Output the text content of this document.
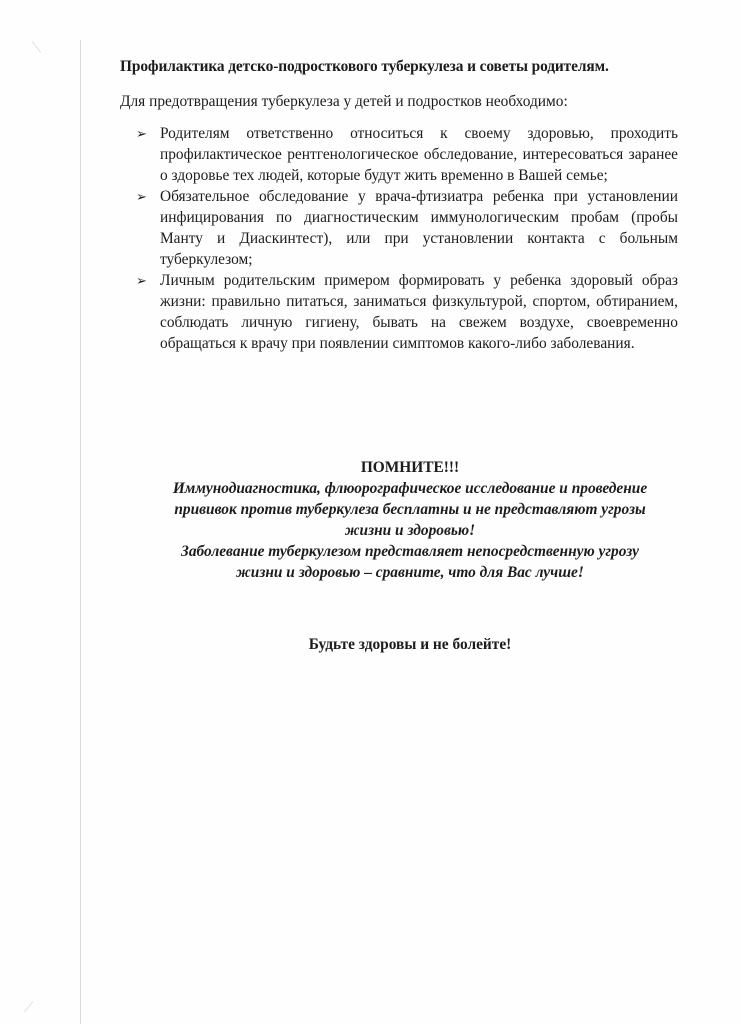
Профилактика детско-подросткового туберкулеза и советы родителям.
Для предотвращения туберкулеза у детей и подростков необходимо:
➢ Родителям ответственно относиться к своему здоровью, проходить профилактическое рентгенологическое обследование, интересоваться заранее о здоровье тех людей, которые будут жить временно в Вашей семье;
➢ Обязательное обследование у врача-фтизиатра ребенка при установлении инфицирования по диагностическим иммунологическим пробам (пробы Манту и Диаскинтест), или при установлении контакта с больным туберкулезом;
➢ Личным родительским примером формировать у ребенка здоровый образ жизни: правильно питаться, заниматься физкультурой, спортом, обтиранием, соблюдать личную гигиену, бывать на свежем воздухе, своевременно обращаться к врачу при появлении симптомов какого-либо заболевания.
ПОМНИТЕ!!!
Иммунодиагностика, флюорографическое исследование и проведение
прививок против туберкулеза бесплатны и не представляют угрозы
жизни и здоровью!
Заболевание туберкулезом представляет непосредственную угрозу
жизни и здоровью – сравните, что для Вас лучше!
Будьте здоровы и не болейте!
